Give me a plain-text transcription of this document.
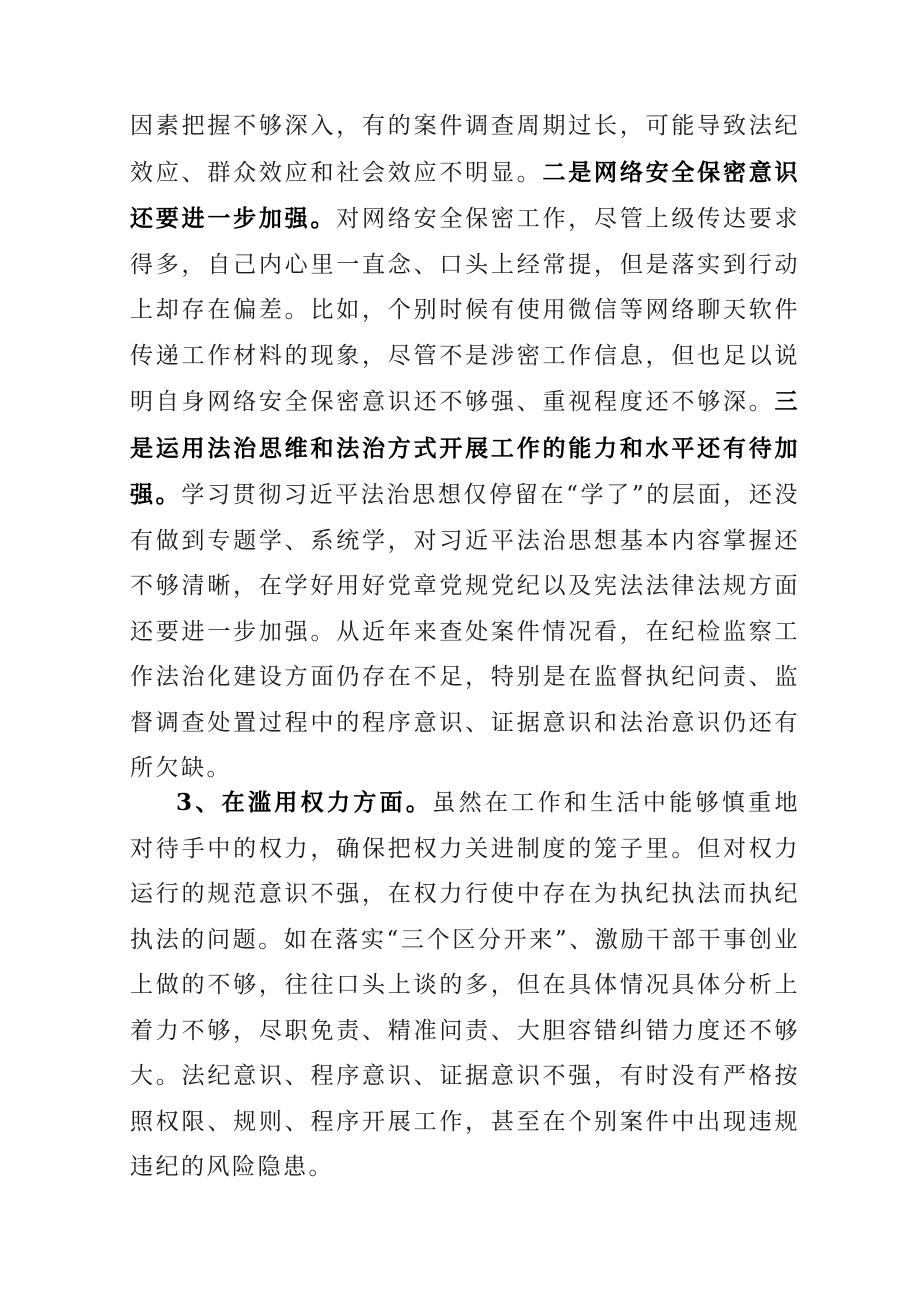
因素把握不够深入，有的案件调查周期过长，可能导致法纪效应、群众效应和社会效应不明显。二是网络安全保密意识还要进一步加强。对网络安全保密工作，尽管上级传达要求得多，自己内心里一直念、口头上经常提，但是落实到行动上却存在偏差。比如，个别时候有使用微信等网络聊天软件传递工作材料的现象，尽管不是涉密工作信息，但也足以说明自身网络安全保密意识还不够强、重视程度还不够深。三是运用法治思维和法治方式开展工作的能力和水平还有待加强。学习贯彻习近平法治思想仅停留在“学了”的层面，还没有做到专题学、系统学，对习近平法治思想基本内容掌握还不够清晰，在学好用好党章党规党纪以及宪法法律法规方面还要进一步加强。从近年来查处案件情况看，在纪检监察工作法治化建设方面仍存在不足，特别是在监督执纪问责、监督调查处置过程中的程序意识、证据意识和法治意识仍还有所欠缺。

3、在滥用权力方面。虽然在工作和生活中能够慎重地对待手中的权力，确保把权力关进制度的笼子里。但对权力运行的规范意识不强，在权力行使中存在为执纪执法而执纪执法的问题。如在落实“三个区分开来”、激励干部干事创业上做的不够，往往口头上谈的多，但在具体情况具体分析上着力不够，尽职免责、精准问责、大胆容错纠错力度还不够大。法纪意识、程序意识、证据意识不强，有时没有严格按照权限、规则、程序开展工作，甚至在个别案件中出现违规违纪的风险隐患。
